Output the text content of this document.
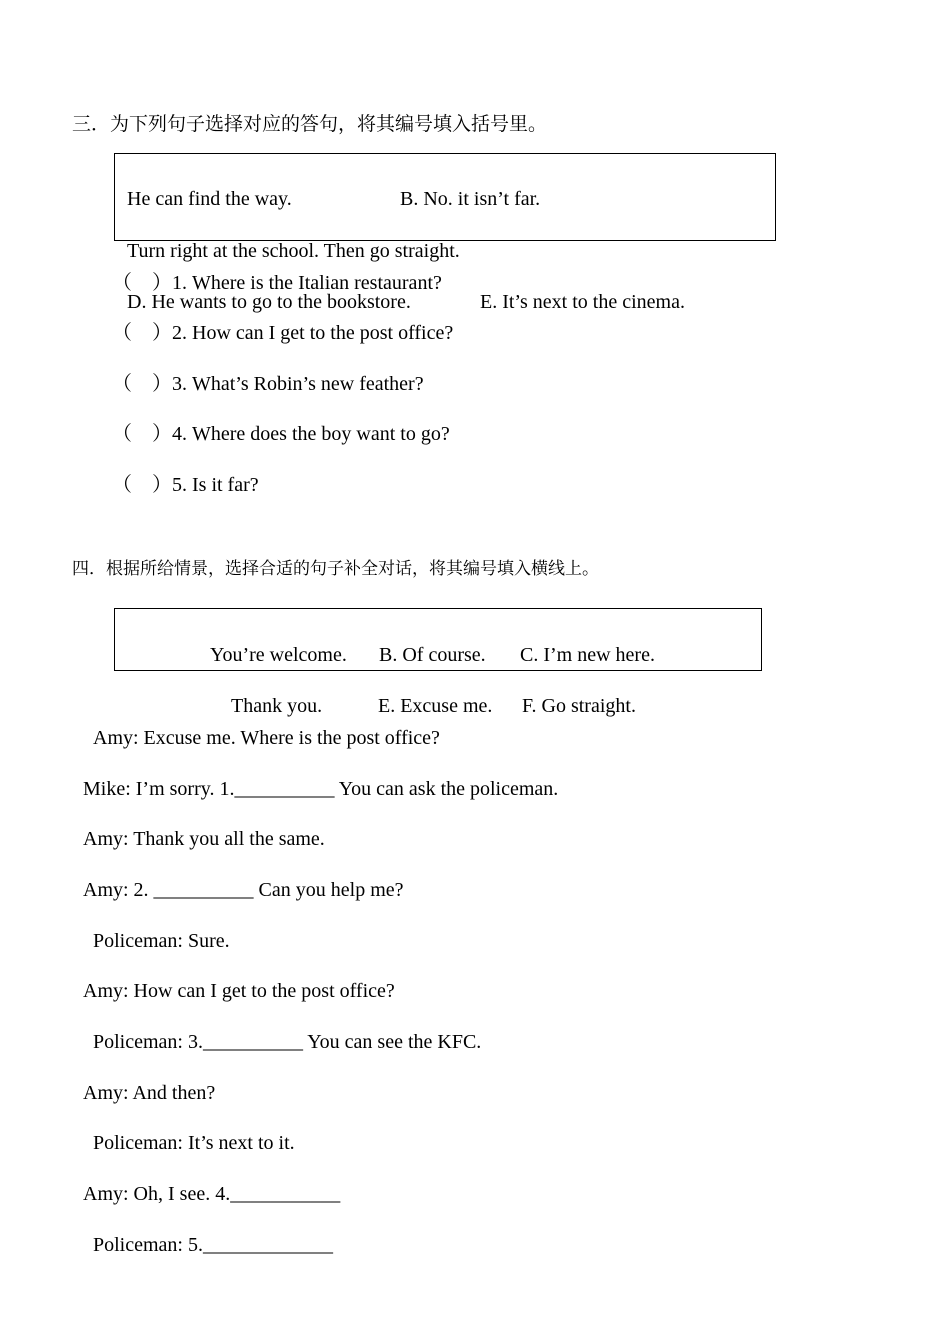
三．为下列句子选择对应的答句，将其编号填入括号里。
He can find the way.	B. No. it isn’t far.
Turn right at the school. Then go straight.
（　）1. Where is the Italian restaurant?
D. He wants to go to the bookstore.	E. It’s next to the cinema.
（　）2. How can I get to the post office?
（　）3. What’s Robin’s new feather?
（　）4. Where does the boy want to go?
（　）5. Is it far?
四．根据所给情景，选择合适的句子补全对话，将其编号填入横线上。
You’re welcome. B. Of course. C. I’m new here.
Thank you.	E. Excuse me. F. Go straight.
Amy: Excuse me. Where is the post office?
Mike: I’m sorry. 1.__________ You can ask the policeman.
Amy: Thank you all the same.
Amy: 2. __________ Can you help me?
Policeman: Sure.
Amy: How can I get to the post office?
Policeman: 3.__________ You can see the KFC.
Amy: And then?
Policeman: It’s next to it.
Amy: Oh, I see. 4.___________
Policeman: 5._____________
